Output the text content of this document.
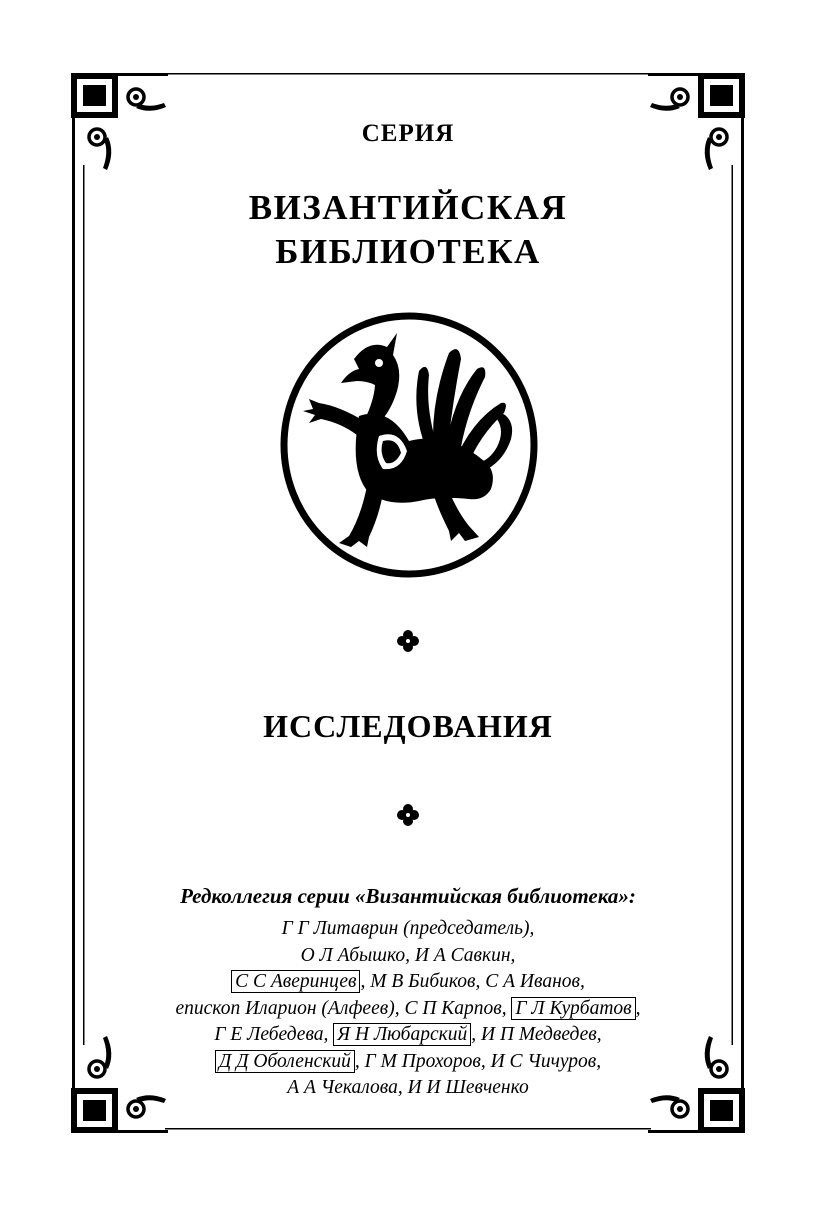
СЕРИЯ
ВИЗАНТИЙСКАЯ
БИБЛИОТЕКА
ИССЛЕДОВАНИЯ
Редколлегия серии «Византийская библиотека»:
Г Г Литаврин (председатель),
О Л Абышко, И А Савкин,
С С Аверинцев , М В Бибиков, С А Иванов,
епископ Иларион (Алфеев), С П Карпов, Г Л Курбатов ,
Г Е Лебедева, Я Н Любарский , И П Медведев,
Д Д Оболенский , Г М Прохоров, И С Чичуров,
А А Чекалова, И И Шевченко
